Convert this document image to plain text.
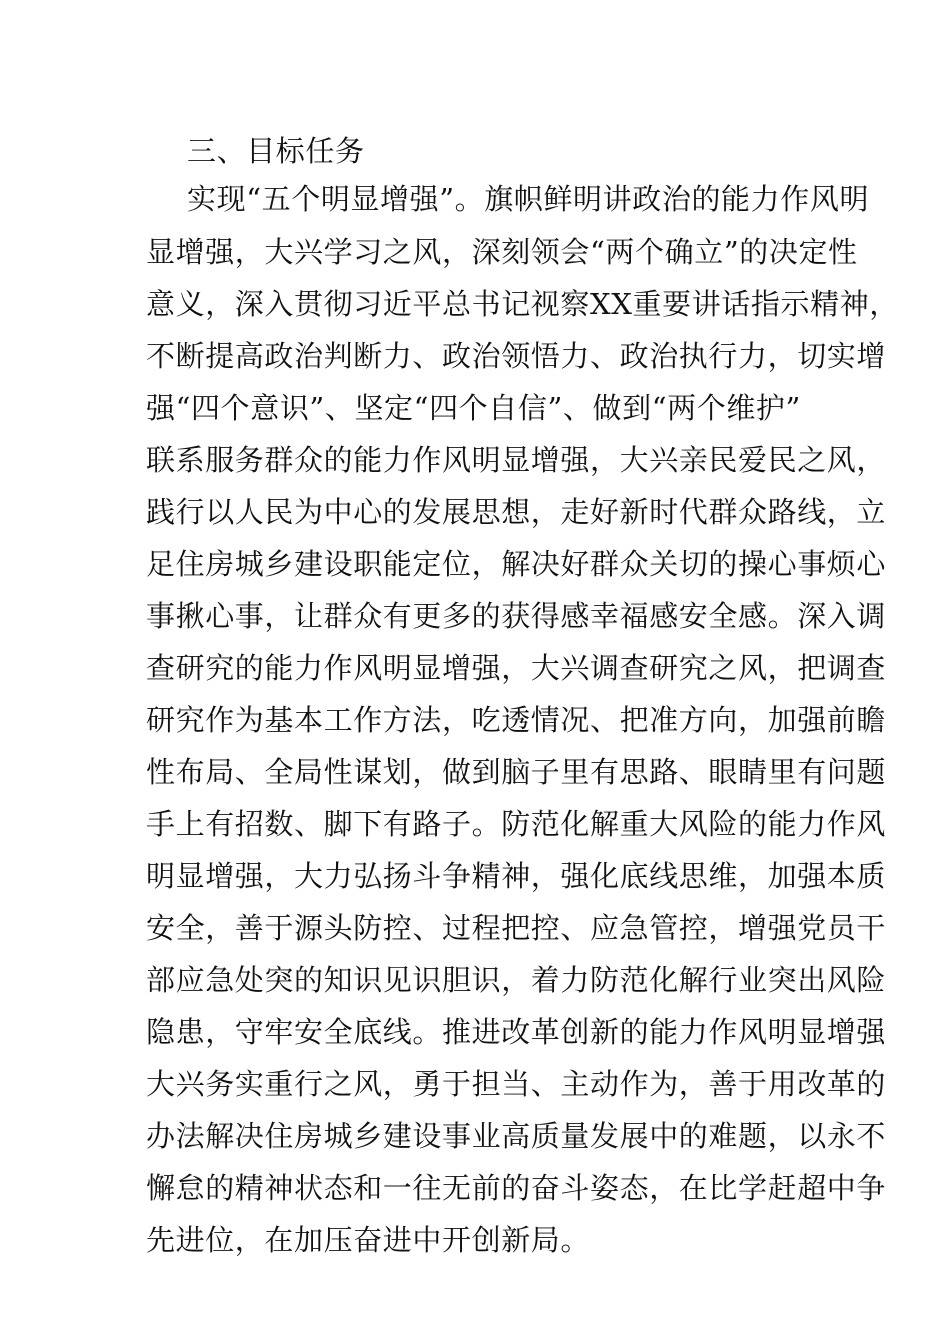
三、目标任务
实现“五个明显增强”。旗帜鲜明讲政治的能力作风明
显增强，大兴学习之风，深刻领会“两个确立”的决定性
意义，深入贯彻习近平总书记视察XX重要讲话指示精神，
不断提高政治判断力、政治领悟力、政治执行力，切实增
强“四个意识”、坚定“四个自信”、做到“两个维护”
联系服务群众的能力作风明显增强，大兴亲民爱民之风，
践行以人民为中心的发展思想，走好新时代群众路线，立
足住房城乡建设职能定位，解决好群众关切的操心事烦心
事揪心事，让群众有更多的获得感幸福感安全感。深入调
查研究的能力作风明显增强，大兴调查研究之风，把调查
研究作为基本工作方法，吃透情况、把准方向，加强前瞻
性布局、全局性谋划，做到脑子里有思路、眼睛里有问题
手上有招数、脚下有路子。防范化解重大风险的能力作风
明显增强，大力弘扬斗争精神，强化底线思维，加强本质
安全，善于源头防控、过程把控、应急管控，增强党员干
部应急处突的知识见识胆识，着力防范化解行业突出风险
隐患，守牢安全底线。推进改革创新的能力作风明显增强
大兴务实重行之风，勇于担当、主动作为，善于用改革的
办法解决住房城乡建设事业高质量发展中的难题，以永不
懈怠的精神状态和一往无前的奋斗姿态，在比学赶超中争
先进位，在加压奋进中开创新局。
